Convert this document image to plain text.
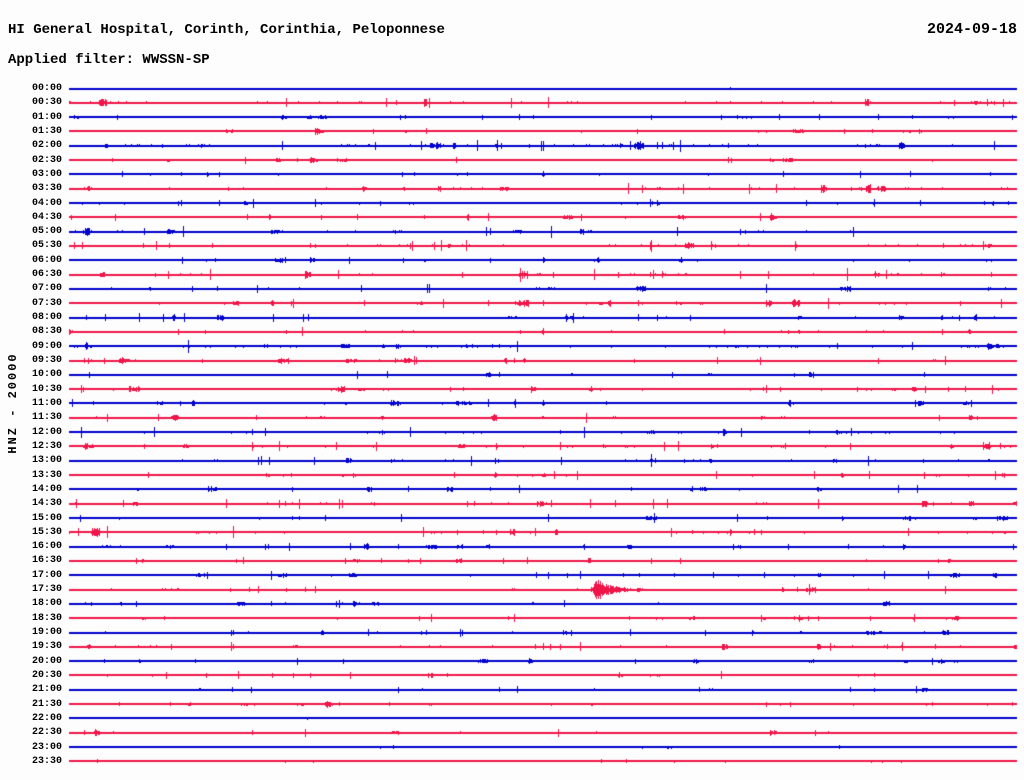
HI General Hospital, Corinth, Corinthia, Peloponnese
Applied filter: WWSSN-SP
2024-09-18
HNZ - 20000
00:00
00:30
01:00
01:30
02:00
02:30
03:00
03:30
04:00
04:30
05:00
05:30
06:00
06:30
07:00
07:30
08:00
08:30
09:00
09:30
10:00
10:30
11:00
11:30
12:00
12:30
13:00
13:30
14:00
14:30
15:00
15:30
16:00
16:30
17:00
17:30
18:00
18:30
19:00
19:30
20:00
20:30
21:00
21:30
22:00
22:30
23:00
23:30
